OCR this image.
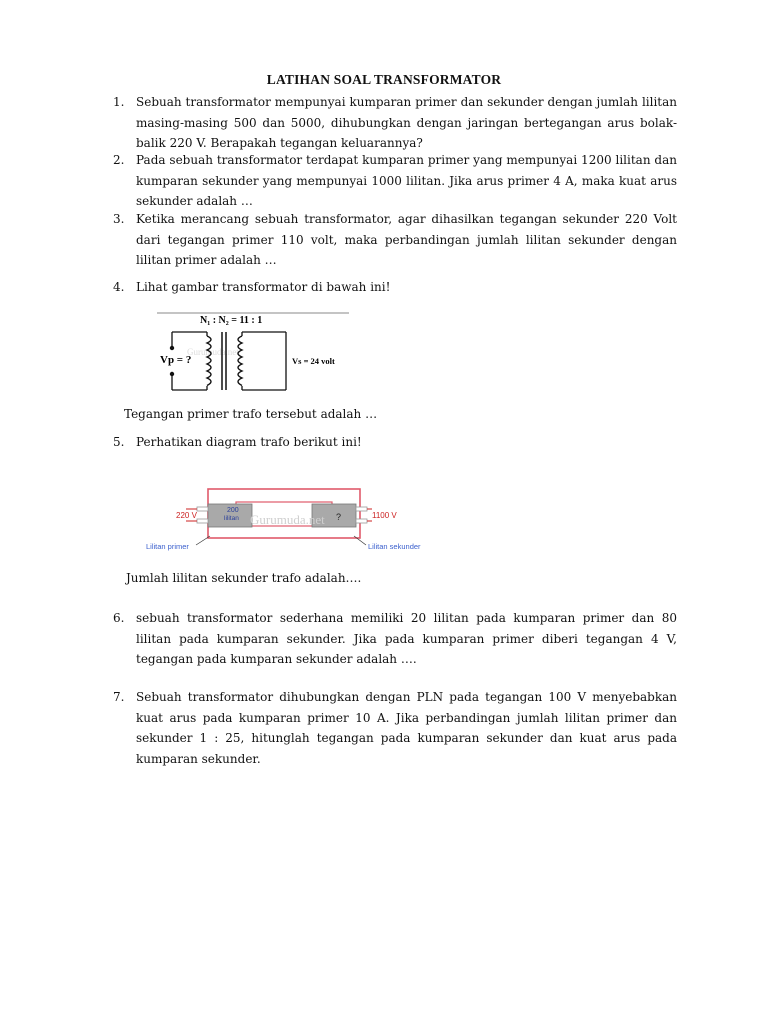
LATIHAN SOAL TRANSFORMATOR
1. Sebuah transformator mempunyai kumparan primer dan sekunder dengan jumlah lilitan masing-masing 500 dan 5000, dihubungkan dengan jaringan bertegangan arus bolak-balik 220 V. Berapakah tegangan keluarannya?
2. Pada sebuah transformator terdapat kumparan primer yang mempunyai 1200 lilitan dan kumparan sekunder yang mempunyai 1000 lilitan. Jika arus primer 4 A, maka kuat arus sekunder adalah …
3. Ketika merancang sebuah transformator, agar dihasilkan tegangan sekunder 220 Volt dari tegangan primer 110 volt, maka perbandingan jumlah lilitan sekunder dengan lilitan primer adalah …
4. Lihat gambar transformator di bawah ini!
N₁ : N₂ = 11 : 1
Gurumuda.net
Vp = ?	Vs = 24 volt
Tegangan primer trafo tersebut adalah …
5. Perhatikan diagram trafo berikut ini!
200
lilitan	?
Gurumuda.net
220 V	1100 V
Lilitan primer	Lilitan sekunder
Jumlah lilitan sekunder trafo adalah….
6. sebuah transformator sederhana memiliki 20 lilitan pada kumparan primer dan 80 lilitan pada kumparan sekunder. Jika pada kumparan primer diberi tegangan 4 V, tegangan pada kumparan sekunder adalah ….
7. Sebuah transformator dihubungkan dengan PLN pada tegangan 100 V menyebabkan kuat arus pada kumparan primer 10 A. Jika perbandingan jumlah lilitan primer dan sekunder 1 : 25, hitunglah tegangan pada kumparan sekunder dan kuat arus pada kumparan sekunder.
